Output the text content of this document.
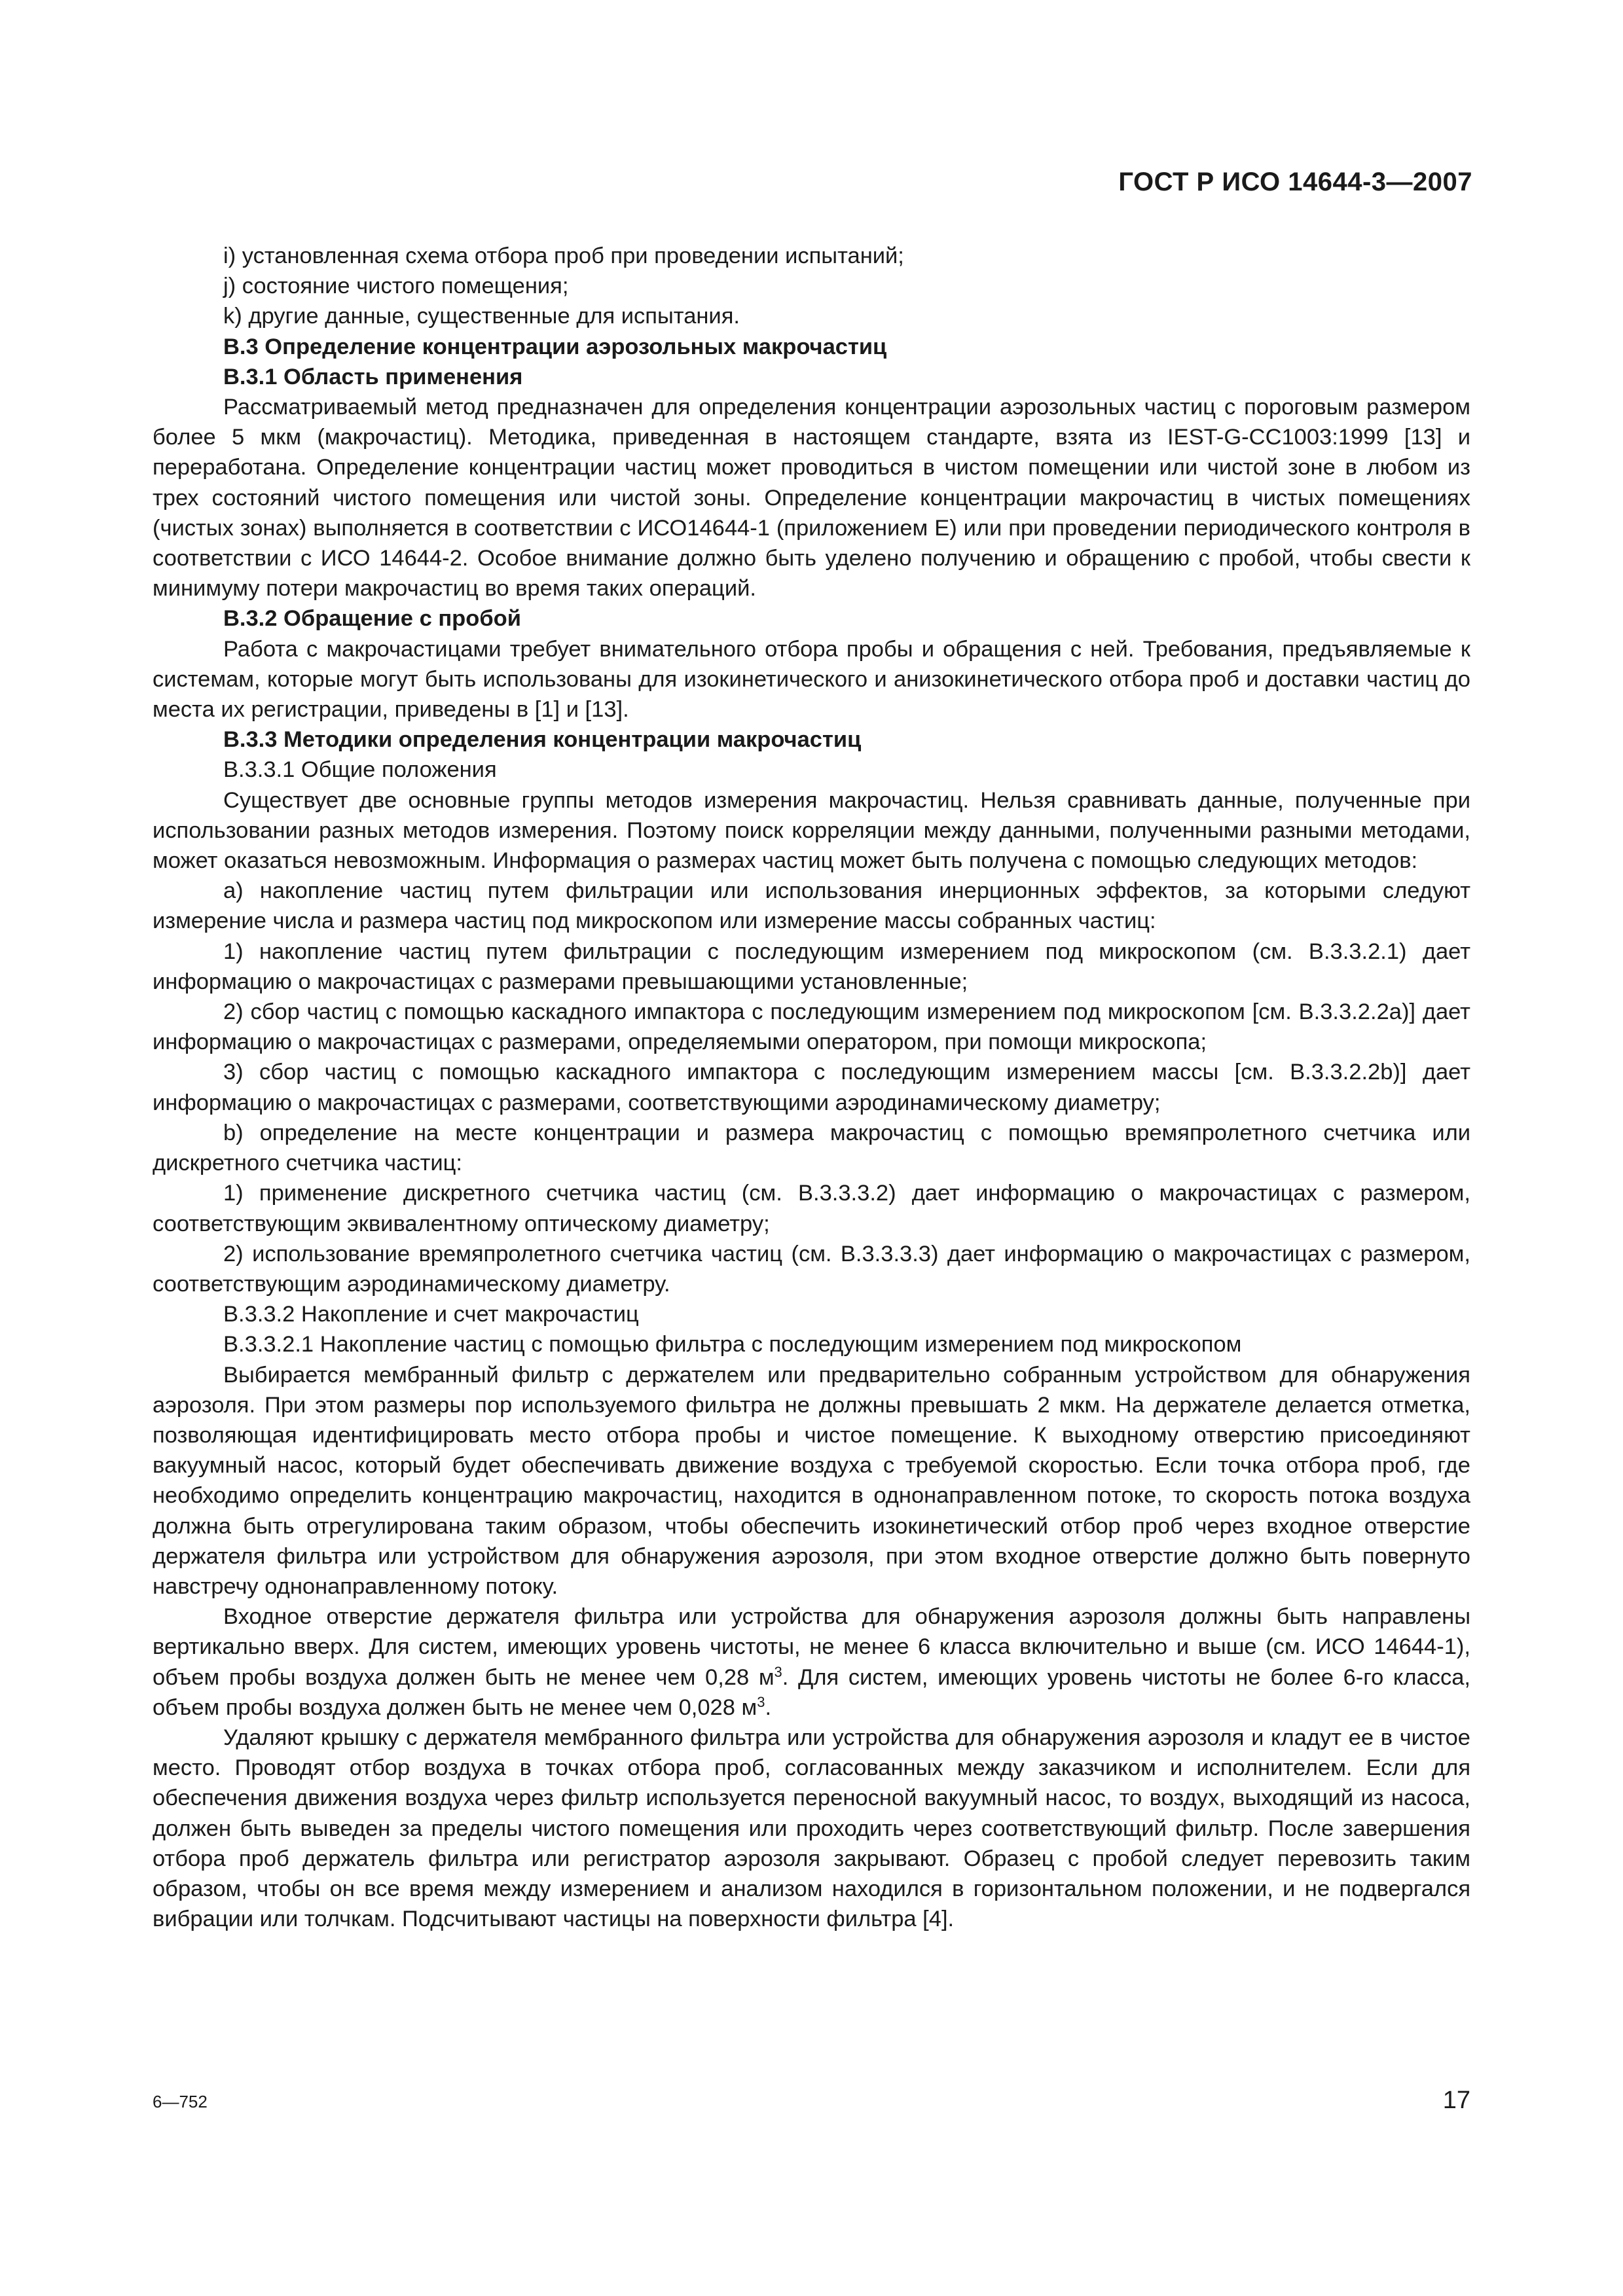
ГОСТ Р ИСО 14644-3—2007

i) установленная схема отбора проб при проведении испытаний;

j) состояние чистого помещения;

k) другие данные, существенные для испытания.

В.3 Определение концентрации аэрозольных макрочастиц

В.3.1 Область применения

Рассматриваемый метод предназначен для определения концентрации аэрозольных частиц с пороговым размером более 5 мкм (макрочастиц). Методика, приведенная в настоящем стандарте, взята из IEST-G-CC1003:1999 [13] и переработана. Определение концентрации частиц может проводиться в чистом помещении или чистой зоне в любом из трех состояний чистого помещения или чистой зоны. Определение концентрации макрочастиц в чистых помещениях (чистых зонах) выполняется в соответствии с ИСО14644-1 (приложением Е) или при проведении периодического контроля в соответствии с ИСО 14644-2. Особое внимание должно быть уделено получению и обращению с пробой, чтобы свести к минимуму потери макрочастиц во время таких операций.

В.3.2 Обращение с пробой

Работа с макрочастицами требует внимательного отбора пробы и обращения с ней. Требования, предъявляемые к системам, которые могут быть использованы для изокинетического и анизокинетического отбора проб и доставки частиц до места их регистрации, приведены в [1] и [13].

В.3.3 Методики определения концентрации макрочастиц

В.3.3.1 Общие положения

Существует две основные группы методов измерения макрочастиц. Нельзя сравнивать данные, полученные при использовании разных методов измерения. Поэтому поиск корреляции между данными, полученными разными методами, может оказаться невозможным. Информация о размерах частиц может быть получена с помощью следующих методов:

a) накопление частиц путем фильтрации или использования инерционных эффектов, за которыми следуют измерение числа и размера частиц под микроскопом или измерение массы собранных частиц:

1) накопление частиц путем фильтрации с последующим измерением под микроскопом (см. В.3.3.2.1) дает информацию о макрочастицах с размерами превышающими установленные;

2) сбор частиц с помощью каскадного импактора с последующим измерением под микроскопом [см. В.3.3.2.2a)] дает информацию о макрочастицах с размерами, определяемыми оператором, при помощи микроскопа;

3) сбор частиц с помощью каскадного импактора с последующим измерением массы [см. В.3.3.2.2b)] дает информацию о макрочастицах с размерами, соответствующими аэродинамическому диаметру;

b) определение на месте концентрации и размера макрочастиц с помощью времяпролетного счетчика или дискретного счетчика частиц:

1) применение дискретного счетчика частиц (см. В.3.3.3.2) дает информацию о макрочастицах с размером, соответствующим эквивалентному оптическому диаметру;

2) использование времяпролетного счетчика частиц (см. В.3.3.3.3) дает информацию о макрочастицах с размером, соответствующим аэродинамическому диаметру.

В.3.3.2 Накопление и счет макрочастиц

В.3.3.2.1 Накопление частиц с помощью фильтра с последующим измерением под микроскопом

Выбирается мембранный фильтр с держателем или предварительно собранным устройством для обнаружения аэрозоля. При этом размеры пор используемого фильтра не должны превышать 2 мкм. На держателе делается отметка, позволяющая идентифицировать место отбора пробы и чистое помещение. К выходному отверстию присоединяют вакуумный насос, который будет обеспечивать движение воздуха с требуемой скоростью. Если точка отбора проб, где необходимо определить концентрацию макрочастиц, находится в однонаправленном потоке, то скорость потока воздуха должна быть отрегулирована таким образом, чтобы обеспечить изокинетический отбор проб через входное отверстие держателя фильтра или устройством для обнаружения аэрозоля, при этом входное отверстие должно быть повернуто навстречу однонаправленному потоку.

Входное отверстие держателя фильтра или устройства для обнаружения аэрозоля должны быть направлены вертикально вверх. Для систем, имеющих уровень чистоты, не менее 6 класса включительно и выше (см. ИСО 14644-1), объем пробы воздуха должен быть не менее чем 0,28 $м^3$. Для систем, имеющих уровень чистоты не более 6-го класса, объем пробы воздуха должен быть не менее чем 0,028 $м^3$.

Удаляют крышку с держателя мембранного фильтра или устройства для обнаружения аэрозоля и кладут ее в чистое место. Проводят отбор воздуха в точках отбора проб, согласованных между заказчиком и исполнителем. Если для обеспечения движения воздуха через фильтр используется переносной вакуумный насос, то воздух, выходящий из насоса, должен быть выведен за пределы чистого помещения или проходить через соответствующий фильтр. После завершения отбора проб держатель фильтра или регистратор аэрозоля закрывают. Образец с пробой следует перевозить таким образом, чтобы он все время между измерением и анализом находился в горизонтальном положении, и не подвергался вибрации или толчкам. Подсчитывают частицы на поверхности фильтра [4].

6—752	17
